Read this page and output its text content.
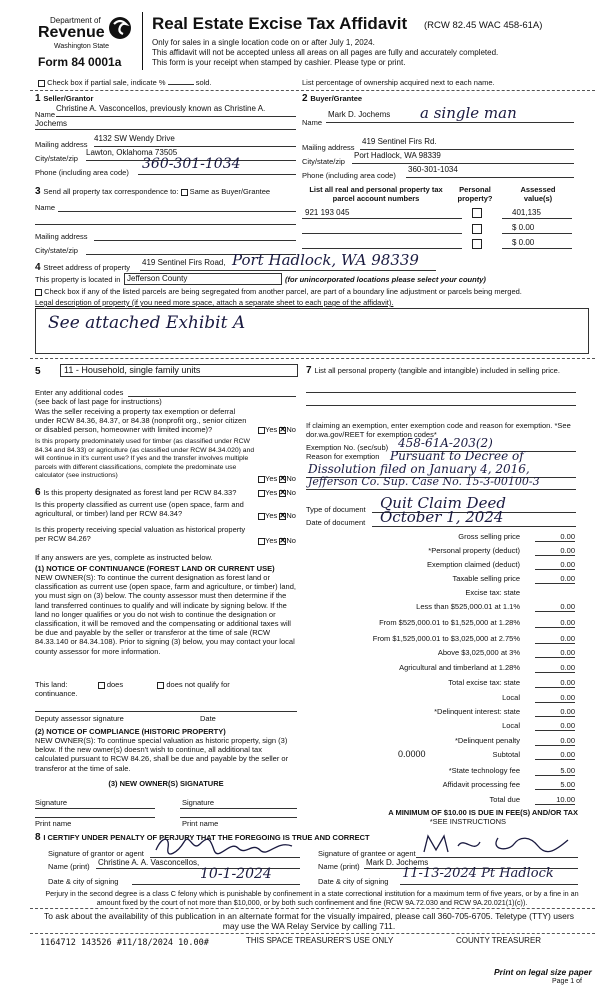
Department of
Revenue
Washington State
Form 84 0001a
Real Estate Excise Tax Affidavit (RCW 82.45 WAC 458-61A)
Only for sales in a single location code on or after July 1, 2024.
This affidavit will not be accepted unless all areas on all pages are fully and accurately completed.
This form is your receipt when stamped by cashier. Please type or print.
Check box if partial sale, indicate %	sold.	List percentage of ownership acquired next to each name.
1 Seller/Grantor
Name
Christine A. Vasconcellos, previously known as Christine A.
Jochems
Mailing address
4132 SW Wendy Drive
City/state/zip
Lawton, Oklahoma 73505
Phone (including area code)
360-301-1034
2 Buyer/Grantee
Name
Mark D. Jochems a single man
Mailing address
419 Sentinel Firs Rd.
City/state/zip
Port Hadlock, WA 98339
Phone (including area code)
360-301-1034
3 Send all property tax correspondence to: Same as Buyer/Grantee
Name
Mailing address
City/state/zip
List all real and personal property tax parcel account numbers
Personal property?
Assessed value(s)
921 193 045	401,135
$ 0.00
$ 0.00
4 Street address of property
419 Sentinel Firs Road, Port Hadlock, WA 98339
This property is located in Jefferson County	(for unincorporated locations please select your county)
Check box if any of the listed parcels are being segregated from another parcel, are part of a boundary line adjustment or parcels being merged.
Legal description of property (if you need more space, attach a separate sheet to each page of the affidavit).
See attached Exhibit A
5	11 - Household, single family units
Enter any additional codes
(see back of last page for instructions)
Was the seller receiving a property tax exemption or deferral under RCW 84.36, 84.37, or 84.38 (nonprofit org., senior citizen or disabled person, homeowner with limited income)?	Yes ✕ No
Is this property predominately used for timber (as classified under RCW 84.34 and 84.33) or agriculture (as classified under RCW 84.34.020) and will continue in it's current use? If yes and the transfer involves multiple parcels with different classifications, complete the predominate use calculator (see instructions)	Yes ✕ No
6 Is this property designated as forest land per RCW 84.33?	Yes ✕ No
Is this property classified as current use (open space, farm and agricultural, or timber) land per RCW 84.34?	Yes ✕ No
Is this property receiving special valuation as historical property per RCW 84.26?	Yes ✕ No
If any answers are yes, complete as instructed below.
(1) NOTICE OF CONTINUANCE (FOREST LAND OR CURRENT USE)
NEW OWNER(S): To continue the current designation as forest land or classification as current use (open space, farm and agriculture, or timber) land, you must sign on (3) below. The county assessor must then determine if the land transferred continues to qualify and will indicate by signing below. If the land no longer qualifies or you do not wish to continue the designation or classification, it will be removed and the compensating or additional taxes will be due and payable by the seller or transferor at the time of sale (RCW 84.33.140 or 84.34.108). Prior to signing (3) below, you may contact your local county assessor for more information.
This land:	does	does not qualify for
continuance.
Deputy assessor signature	Date
(2) NOTICE OF COMPLIANCE (HISTORIC PROPERTY)
NEW OWNER(S): To continue special valuation as historic property, sign (3) below. If the new owner(s) doesn't wish to continue, all additional tax calculated pursuant to RCW 84.26, shall be due and payable by the seller or transferor at the time of sale.
(3) NEW OWNER(S) SIGNATURE
Signature	Signature
Print name	Print name
7 List all personal property (tangible and intangible) included in selling price.
If claiming an exemption, enter exemption code and reason for exemption. *See dor.wa.gov/REET for exemption codes*
Exemption No. (sec/sub) 458-61A-203(2)
Reason for exemption Pursuant to Decree of
Dissolution filed on January 4, 2016,
Jefferson Co. Sup. Case No. 15-3-00100-3
Type of document Quit Claim Deed
Date of document October 1, 2024
Gross selling price	0.00
*Personal property (deduct)	0.00
Exemption claimed (deduct)	0.00
Taxable selling price	0.00
Excise tax: state
Less than $525,000.01 at 1.1%	0.00
From $525,000.01 to $1,525,000 at 1.28%	0.00
From $1,525,000.01 to $3,025,000 at 2.75%	0.00
Above $3,025,000 at 3%	0.00
Agricultural and timberland at 1.28%	0.00
Total excise tax: state	0.00
Local	0.00
*Delinquent interest: state	0.00
Local	0.00
*Delinquent penalty	0.00
Subtotal	0.00
*State technology fee	5.00
Affidavit processing fee	5.00
Total due	10.00
0.0000
A MINIMUM OF $10.00 IS DUE IN FEE(S) AND/OR TAX
*SEE INSTRUCTIONS
8 I CERTIFY UNDER PENALTY OF PERJURY THAT THE FOREGOING IS TRUE AND CORRECT
Signature of grantor or agent	Signature of grantee or agent
Name (print) Christine A. A. Vasconcellos,	Name (print) Mark D. Jochems
Date & city of signing	10-1-2024	Date & city of signing
11-13-2024 Pt Hadlock
Perjury in the second degree is a class C felony which is punishable by confinement in a state correctional institution for a maximum term of five years, or by a fine in an amount fixed by the court of not more than $10,000, or by both such confinement and fine (RCW 9A.72.030 and RCW 9A.20.021(1)(c)).
To ask about the availability of this publication in an alternate format for the visually impaired, please call 360-705-6705. Teletype (TTY) users may use the WA Relay Service by calling 711.
1164712 143526 #11/18/2024 10.00#	THIS SPACE TREASURER'S USE ONLY	COUNTY TREASURER
Print on legal size paper
Page 1 of
